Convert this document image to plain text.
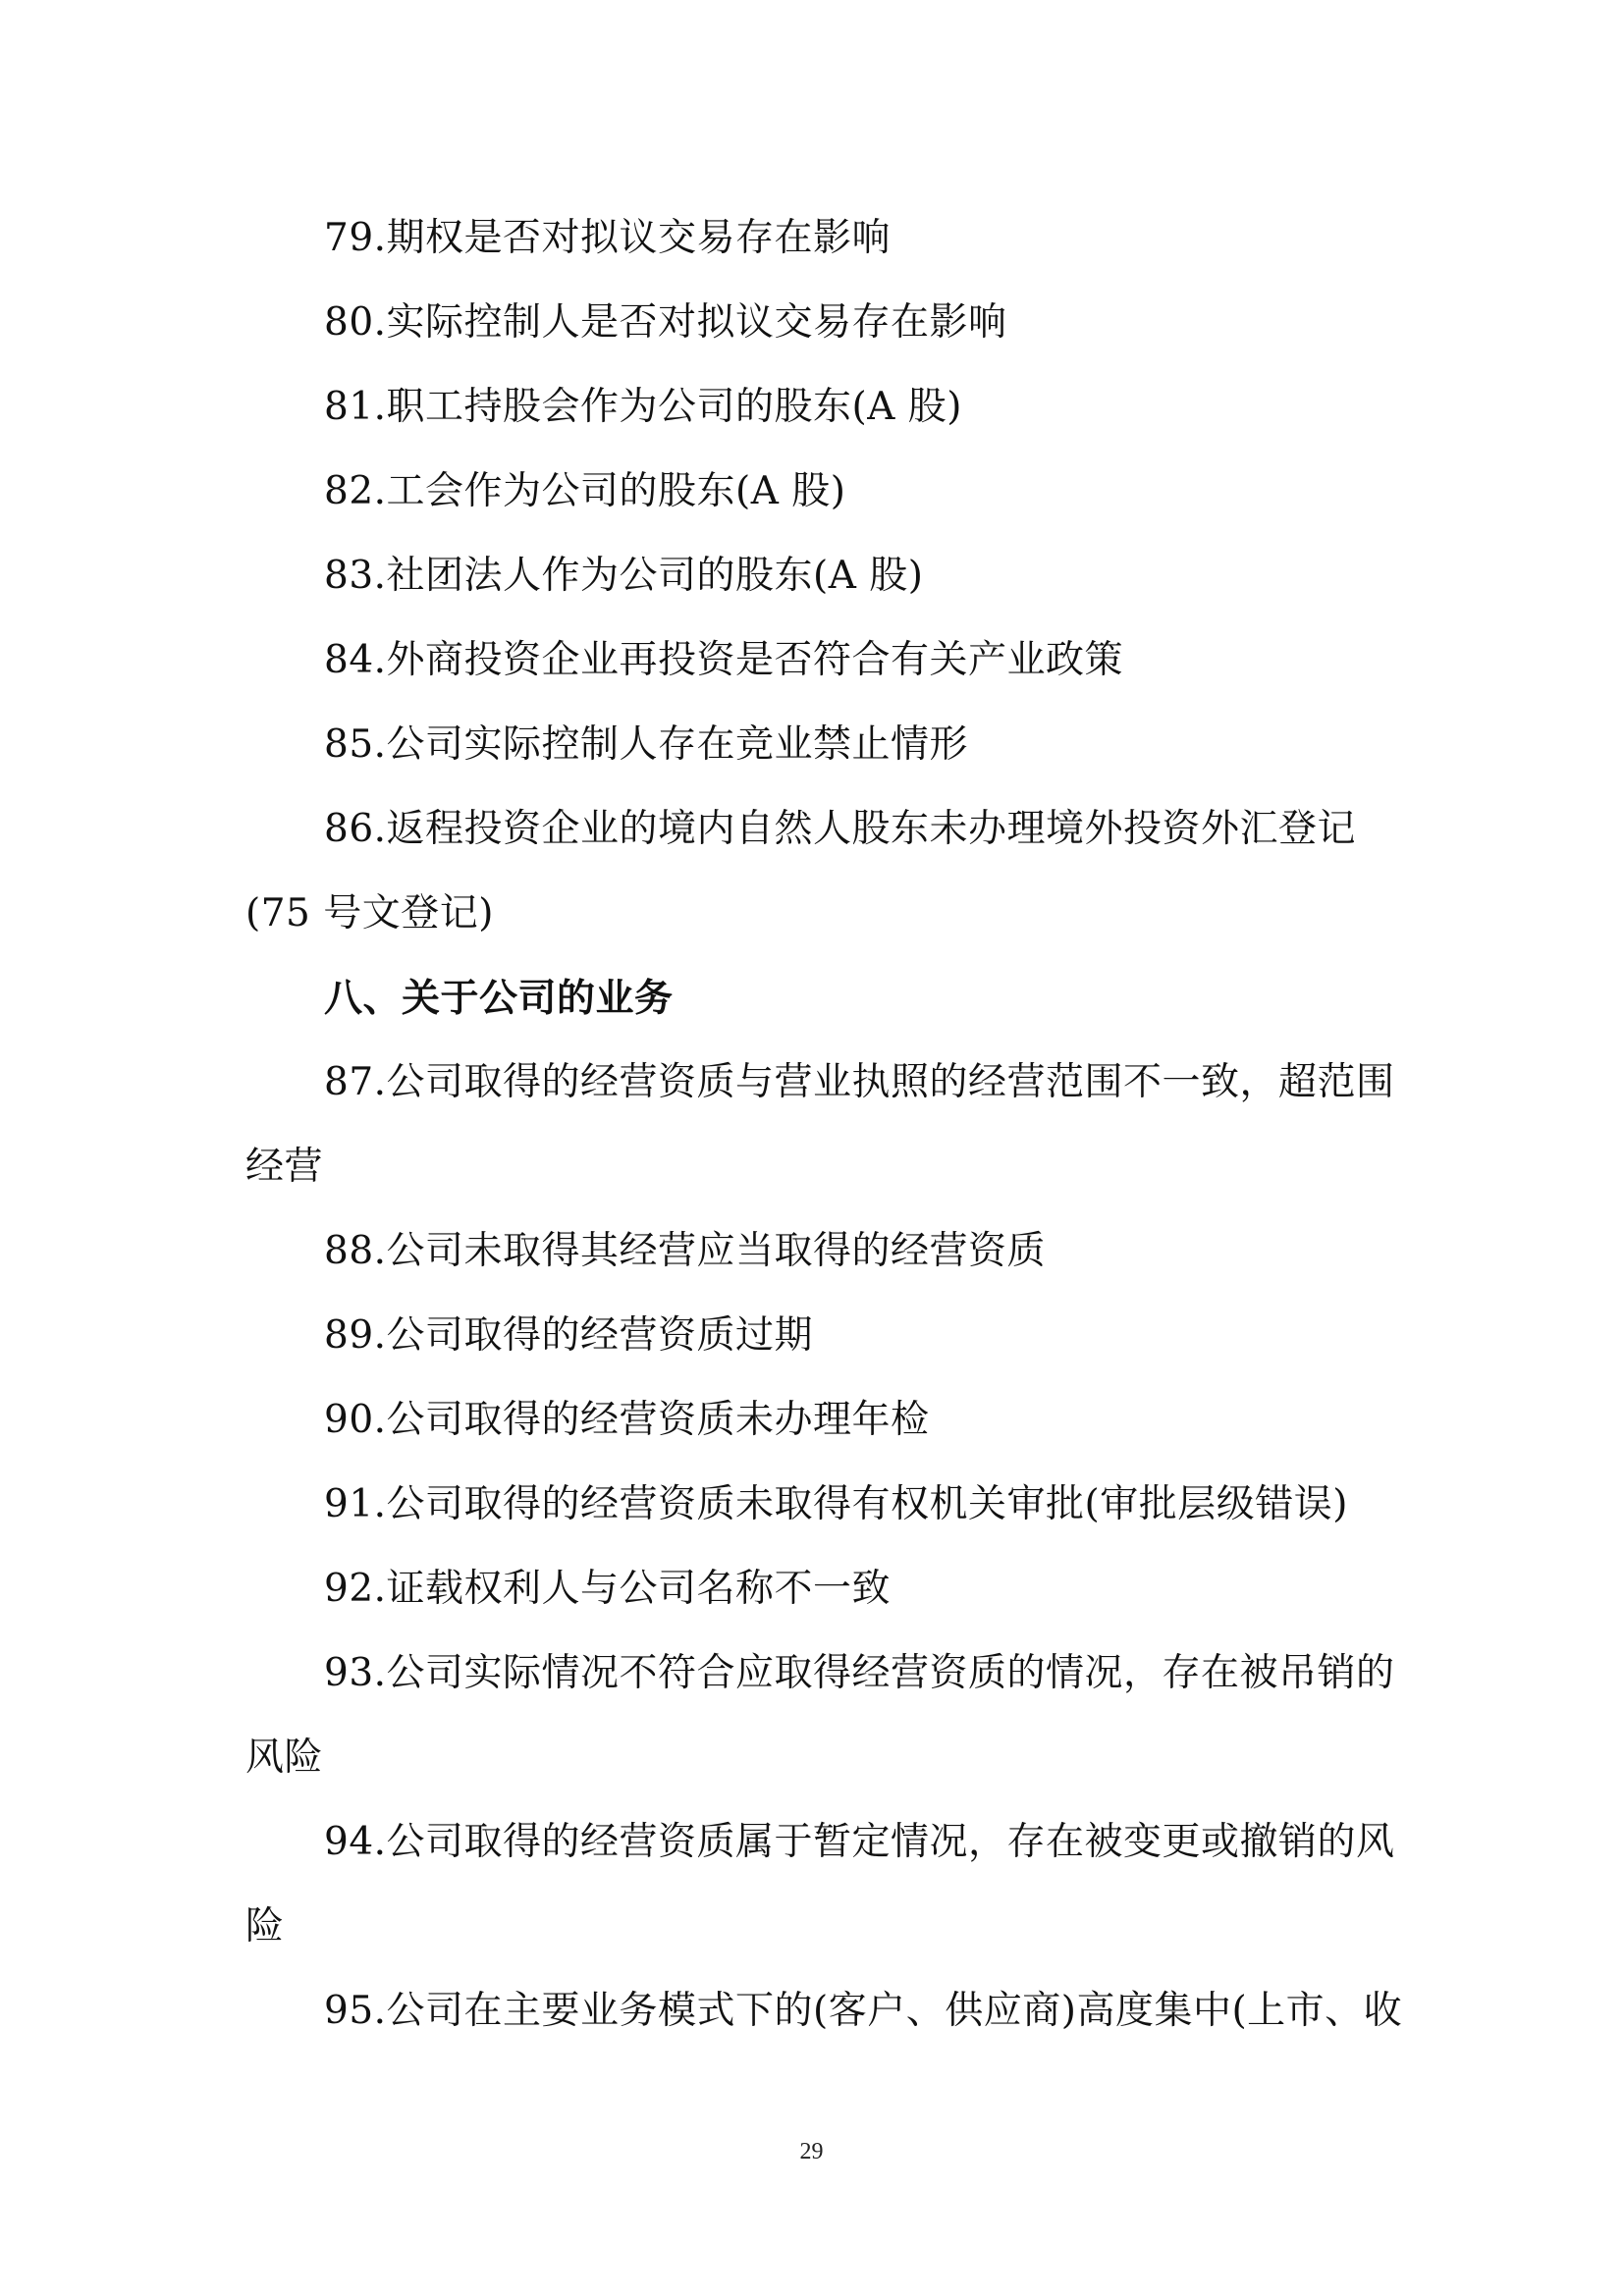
79.期权是否对拟议交易存在影响
80.实际控制人是否对拟议交易存在影响
81.职工持股会作为公司的股东(A 股)
82.工会作为公司的股东(A 股)
83.社团法人作为公司的股东(A 股)
84.外商投资企业再投资是否符合有关产业政策
85.公司实际控制人存在竞业禁止情形
86.返程投资企业的境内自然人股东未办理境外投资外汇登记
(75 号文登记)
八、关于公司的业务
87.公司取得的经营资质与营业执照的经营范围不一致，超范围
经营
88.公司未取得其经营应当取得的经营资质
89.公司取得的经营资质过期
90.公司取得的经营资质未办理年检
91.公司取得的经营资质未取得有权机关审批(审批层级错误)
92.证载权利人与公司名称不一致
93.公司实际情况不符合应取得经营资质的情况，存在被吊销的
风险
94.公司取得的经营资质属于暂定情况，存在被变更或撤销的风
险
95.公司在主要业务模式下的(客户、供应商)高度集中(上市、收
29
